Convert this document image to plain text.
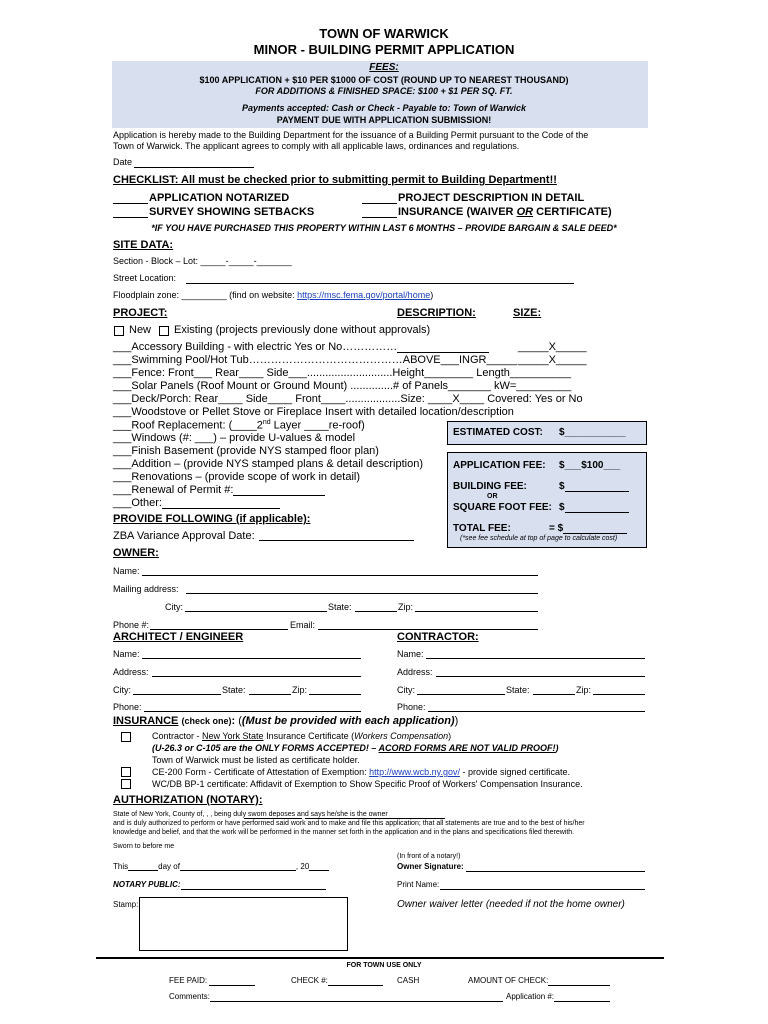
TOWN OF WARWICK
MINOR - BUILDING PERMIT APPLICATION
FEES:
$100 APPLICATION + $10 PER $1000 OF COST (ROUND UP TO NEAREST THOUSAND)
FOR ADDITIONS & FINISHED SPACE: $100 + $1 PER SQ. FT.
Payments accepted: Cash or Check - Payable to: Town of Warwick
PAYMENT DUE WITH APPLICATION SUBMISSION!
Application is hereby made to the Building Department for the issuance of a Building Permit pursuant to the Code of the
Town of Warwick. The applicant agrees to comply with all applicable laws, ordinances and regulations.
Date
CHECKLIST: All must be checked prior to submitting permit to Building Department!!
APPLICATION NOTARIZED
SURVEY SHOWING SETBACKS
PROJECT DESCRIPTION IN DETAIL
INSURANCE (WAIVER OR CERTIFICATE)
*IF YOU HAVE PURCHASED THIS PROPERTY WITHIN LAST 6 MONTHS – PROVIDE BARGAIN & SALE DEED*
SITE DATA:
Section - Block – Lot: _____-_____-_______
Street Location:
Floodplain zone: _________ (find on website: https://msc.fema.gov/portal/home)
PROJECT:	DESCRIPTION:	SIZE:
New Existing (projects previously done without approvals)
___Accessory Building - with electric Yes or No……………	_____X_____
___Swimming Pool/Hot Tub……………………………………ABOVE___INGR_____ _____X_____
___Fence: Front___ Rear____ Side___............................Height________ Length__________
___Solar Panels (Roof Mount or Ground Mount) ..............# of Panels_______ kW=_________
___Deck/Porch: Rear____ Side____ Front____..................Size: ____X____ Covered: Yes or No
___Woodstove or Pellet Stove or Fireplace Insert with detailed location/description
___Roof Replacement: (____2nd Layer ____re-roof)
___Windows (#: ___) – provide U-values & model
___Finish Basement (provide NYS stamped floor plan)
___Addition – (provide NYS stamped plans & detail description)
___Renovations – (provide scope of work in detail)
___Renewal of Permit #:
___Other:
ESTIMATED COST: $___________
APPLICATION FEE: $___$100___
BUILDING FEE:	$
OR
SQUARE FOOT FEE: $
TOTAL FEE:	= $
(*see fee schedule at top of page to calculate cost)
PROVIDE FOLLOWING (if applicable):
ZBA Variance Approval Date:
OWNER:
Name:
Mailing address:
City:	State:	Zip:
Phone #:	Email:
ARCHITECT / ENGINEER
Name:
Address:
City:	State:	Zip:
Phone:
CONTRACTOR:
Name:
Address:
City:	State:	Zip:
Phone:
INSURANCE (check one): ((Must be provided with each application))
Contractor - New York State Insurance Certificate (Workers Compensation)
(U-26.3 or C-105 are the ONLY FORMS ACCEPTED! – ACORD FORMS ARE NOT VALID PROOF!)
Town of Warwick must be listed as certificate holder.
CE-200 Form - Certificate of Attestation of Exemption: http://www.wcb.ny.gov/ - provide signed certificate.
WC/DB BP-1 certificate: Affidavit of Exemption to Show Specific Proof of Workers' Compensation Insurance.
AUTHORIZATION (NOTARY):
State of New York, County of, , , being duly sworn deposes and says he/she is the owner
and is duly authorized to perform or have performed said work and to make and file this application; that all statements are true and to the best of his/her
knowledge and belief, and that the work will be performed in the manner set forth in the application and in the plans and specifications filed therewith.
Sworn to before me
(In front of a notary!)
This	day of	, 20	Owner Signature:
NOTARY PUBLIC:	Print Name:
Stamp:	Owner waiver letter (needed if not the home owner)
FOR TOWN USE ONLY
FEE PAID:	CHECK #:	CASH	AMOUNT OF CHECK:
Comments:	Application #:
